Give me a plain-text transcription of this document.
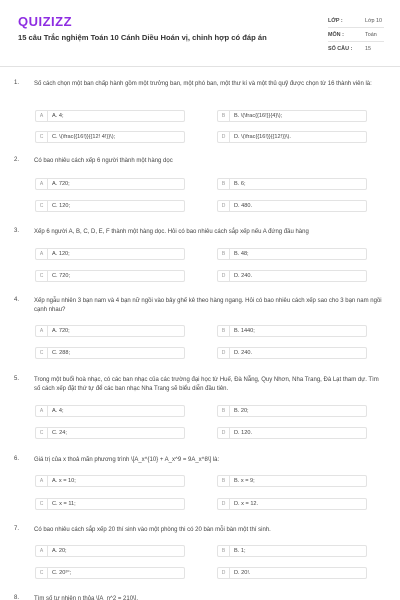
QUIZIZZ
15 câu Trắc nghiệm Toán 10 Cánh Diều Hoán vị, chỉnh hợp có đáp án
LỚP :	Lớp 10
MÔN :	Toán
SỐ CÂU : 15
1. Số cách chọn một ban chấp hành gồm một trưởng ban, một phó ban, một thư kí và một thủ quỹ được chọn từ 16 thành viên là:
A	A. 4;	B	B. \(\frac{{16!}}{4}\);
C	C. \(\frac{{16!}}{{12! 4!}}\);	D	D. \(\frac{{16!}}{{12!}}\).
2. Có bao nhiêu cách xếp 6 người thành một hàng dọc
A	A. 720;	B	B. 6;
C	C. 120;	D	D. 480.
3. Xếp 6 người A, B, C, D, E, F thành một hàng dọc. Hỏi có bao nhiêu cách sắp xếp nếu A đứng đầu hàng
A	A. 120;	B	B. 48;
C	C. 720;	D	D. 240.
4. Xếp ngẫu nhiên 3 bạn nam và 4 bạn nữ ngồi vào bảy ghế kê theo hàng ngang. Hỏi có bao nhiêu cách xếp sao cho 3 bạn nam ngồi cạnh nhau?
A	A. 720;	B	B. 1440;
C	C. 288;	D	D. 240.
5. Trong một buổi hoà nhạc, có các ban nhạc của các trường đại học từ Huế, Đà Nẵng, Quy Nhơn, Nha Trang, Đà Lạt tham dự. Tìm số cách xếp đặt thứ tự để các ban nhạc Nha Trang sẽ biểu diễn đầu tiên.
A	A. 4;	B	B. 20;
C	C. 24;	D	D. 120.
6. Giá trị của x thoả mãn phương trình \[A_x^{10} + A_x^9 = 9A_x^8\] là:
A	A. x = 10;	B	B. x = 9;
C	C. x = 11;	D	D. x = 12.
7. Có bao nhiêu cách sắp xếp 20 thí sinh vào một phòng thi có 20 bàn mỗi bàn một thí sinh.
A	A. 20;	B	B. 1;
C	C. 20²⁰;	D	D. 20!.
8. Tìm số tự nhiên n thỏa \[A_n^2 = 210\].
